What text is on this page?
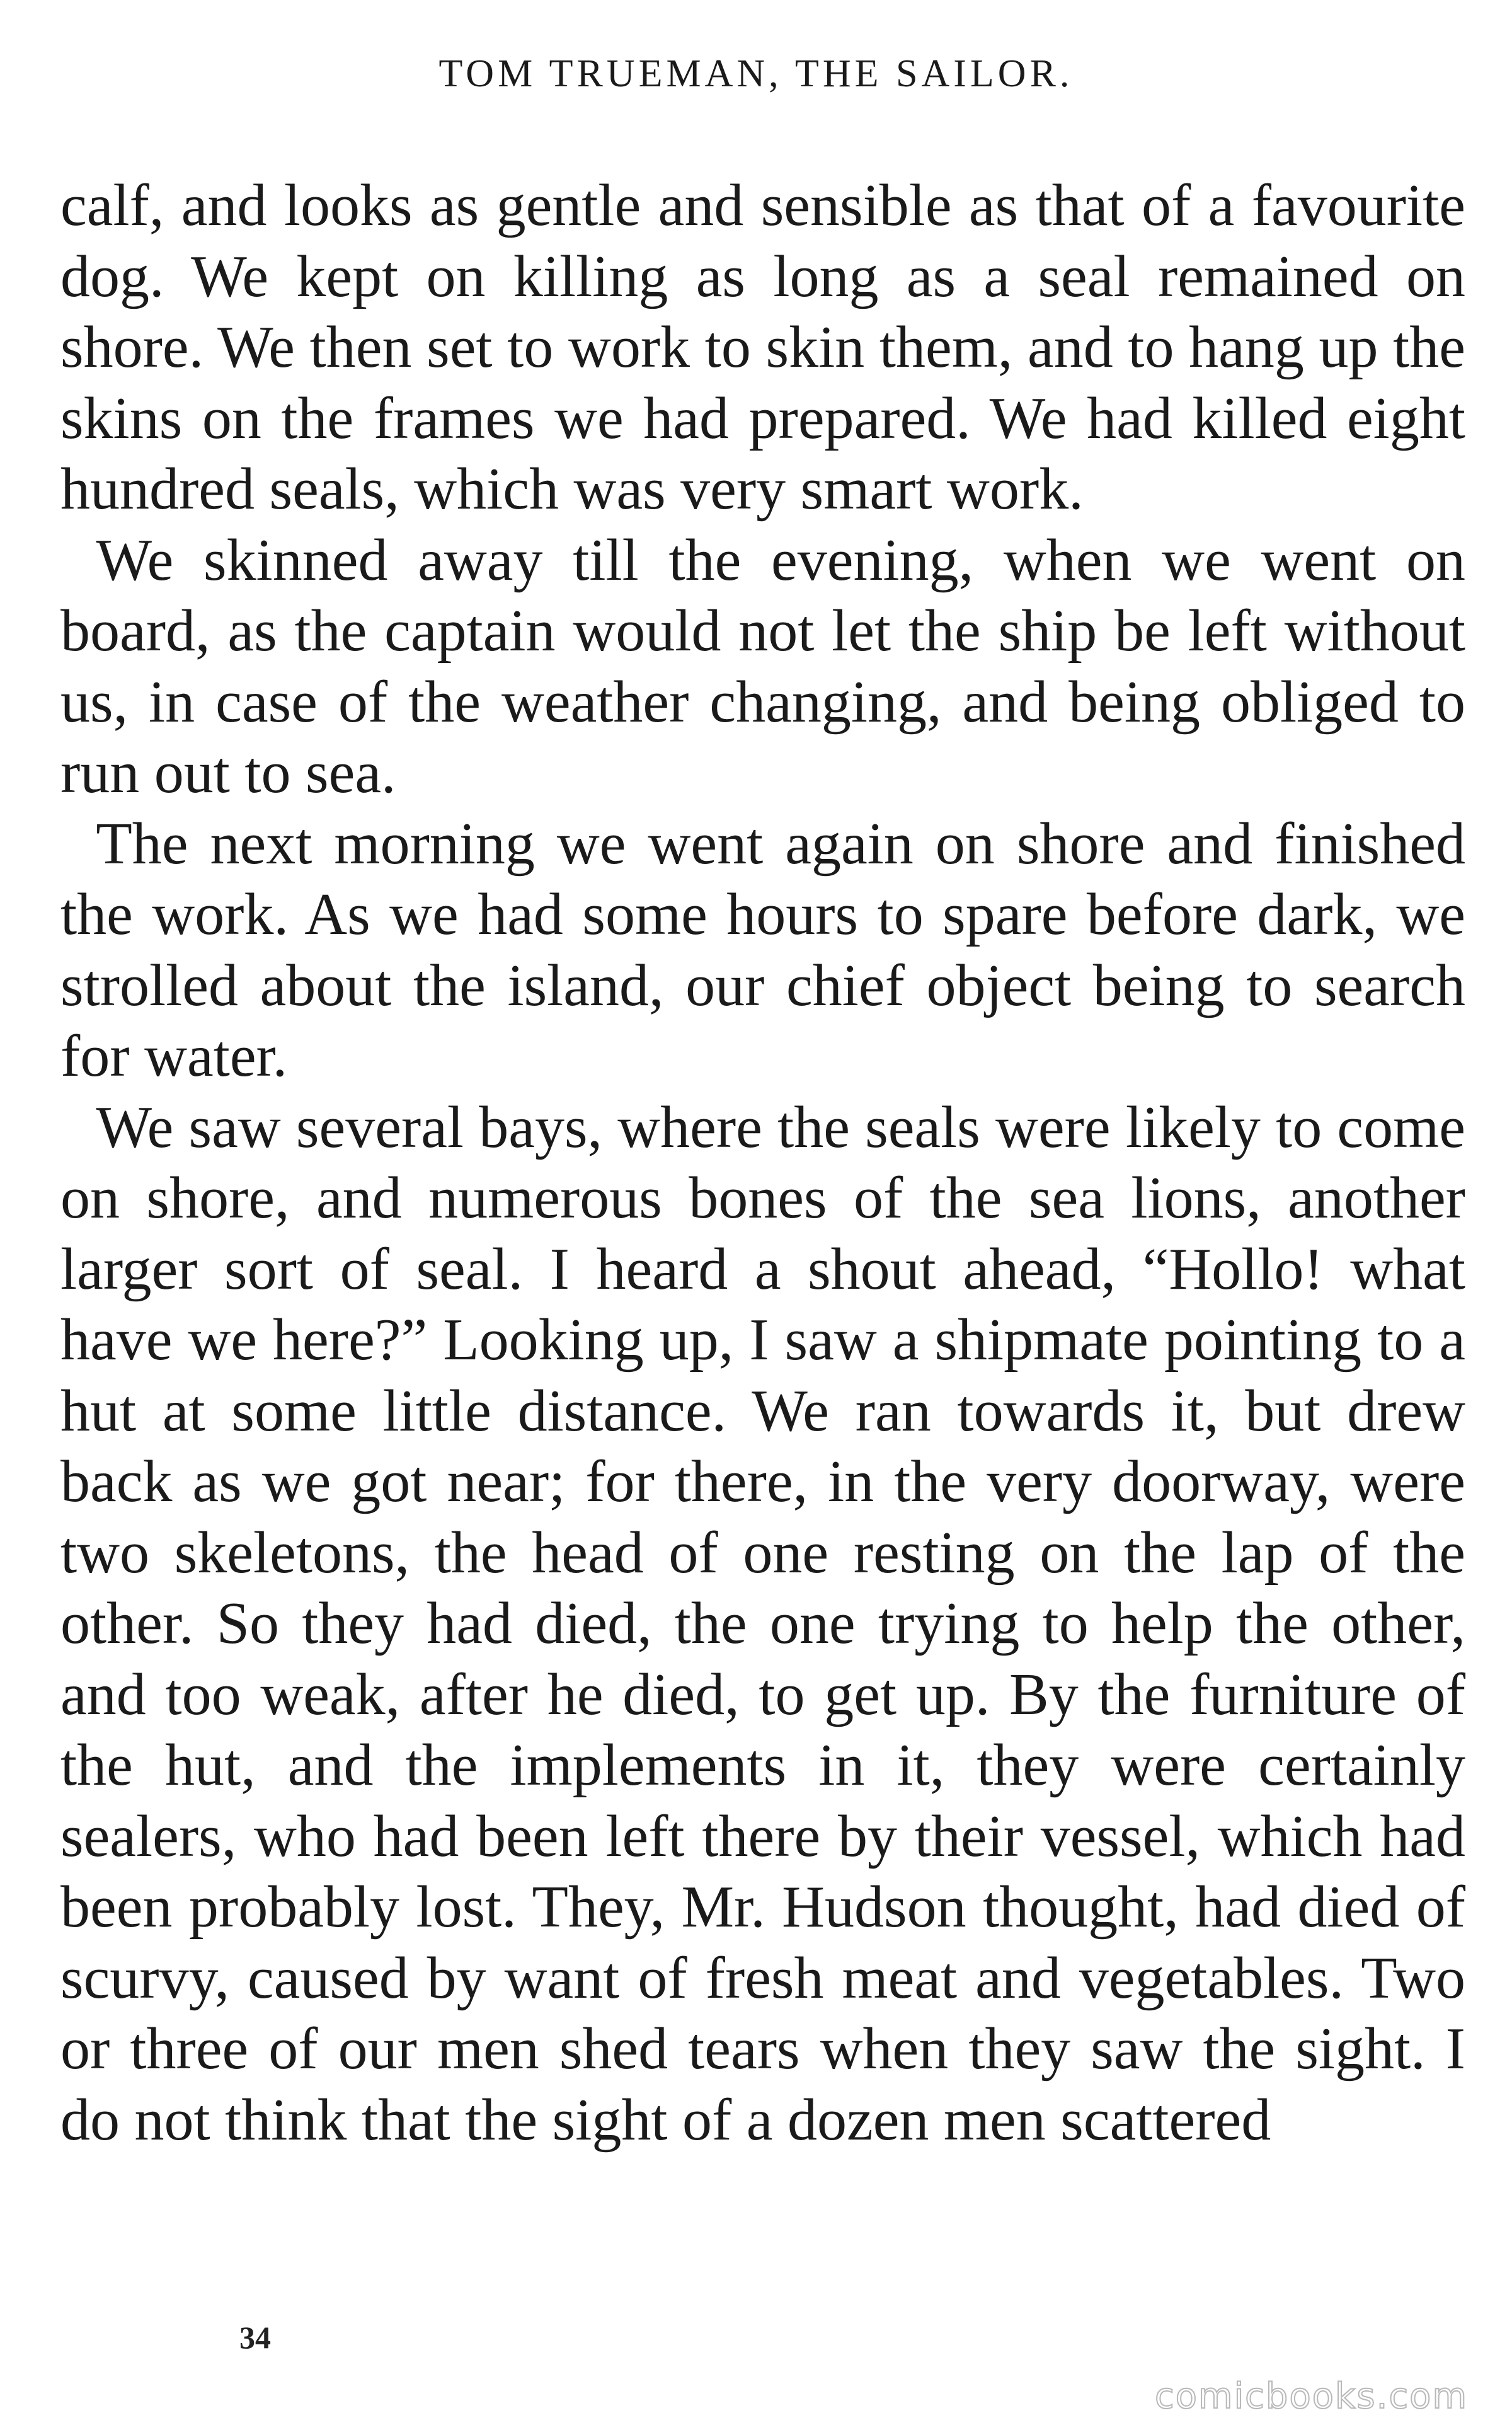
TOM TRUEMAN, THE SAILOR.

calf, and looks as gentle and sensible as that of a favourite dog. We kept on killing as long as a seal remained on shore. We then set to work to skin them, and to hang up the skins on the frames we had prepared. We had killed eight hundred seals, which was very smart work.

We skinned away till the evening, when we went on board, as the captain would not let the ship be left without us, in case of the weather changing, and being obliged to run out to sea.

The next morning we went again on shore and finished the work. As we had some hours to spare before dark, we strolled about the island, our chief object being to search for water.

We saw several bays, where the seals were likely to come on shore, and numerous bones of the sea lions, another larger sort of seal. I heard a shout ahead, “Hollo! what have we here?” Looking up, I saw a shipmate pointing to a hut at some little distance. We ran towards it, but drew back as we got near; for there, in the very doorway, were two skeletons, the head of one resting on the lap of the other. So they had died, the one trying to help the other, and too weak, after he died, to get up. By the furniture of the hut, and the implements in it, they were certainly sealers, who had been left there by their vessel, which had been probably lost. They, Mr. Hudson thought, had died of scurvy, caused by want of fresh meat and vegetables. Two or three of our men shed tears when they saw the sight. I do not think that the sight of a dozen men scattered

34
comicbooks.com
